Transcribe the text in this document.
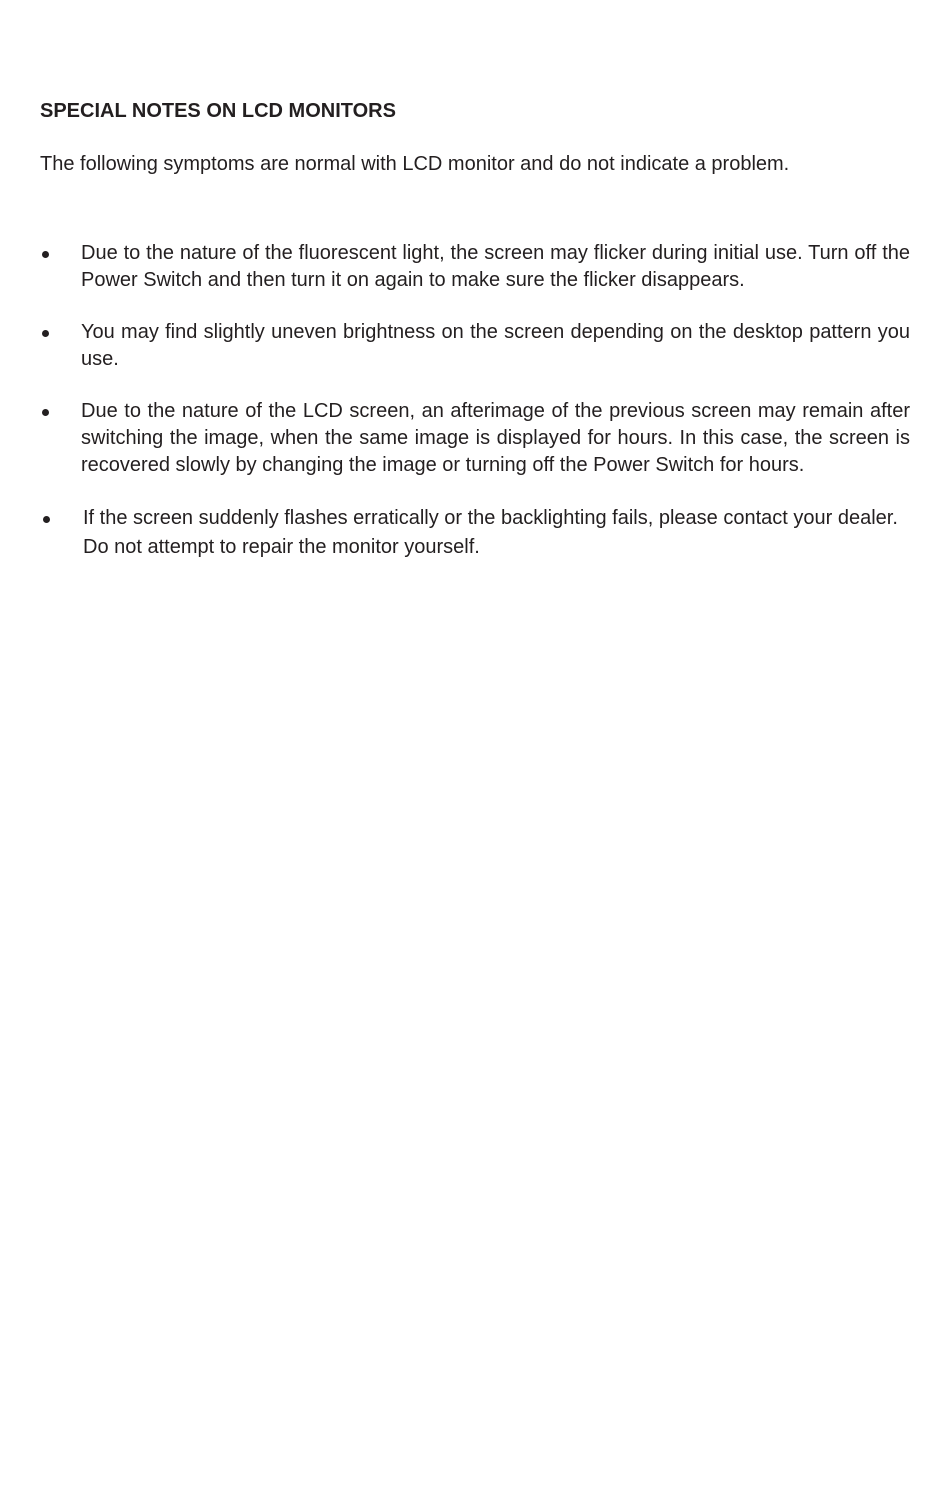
SPECIAL NOTES ON LCD MONITORS

The following symptoms are normal with LCD monitor and do not indicate a problem.

Due to the nature of the fluorescent light, the screen may flicker during initial use. Turn off the Power Switch and then turn it on again to make sure the flicker disappears.
You may find slightly uneven brightness on the screen depending on the desktop pattern you use.
Due to the nature of the LCD screen, an afterimage of the previous screen may remain after switching the image, when the same image is displayed for hours. In this case, the screen is recovered slowly by changing the image or turning off the Power Switch for hours.
If the screen suddenly flashes erratically or the backlighting fails, please contact your dealer. Do not attempt to repair the monitor yourself.
